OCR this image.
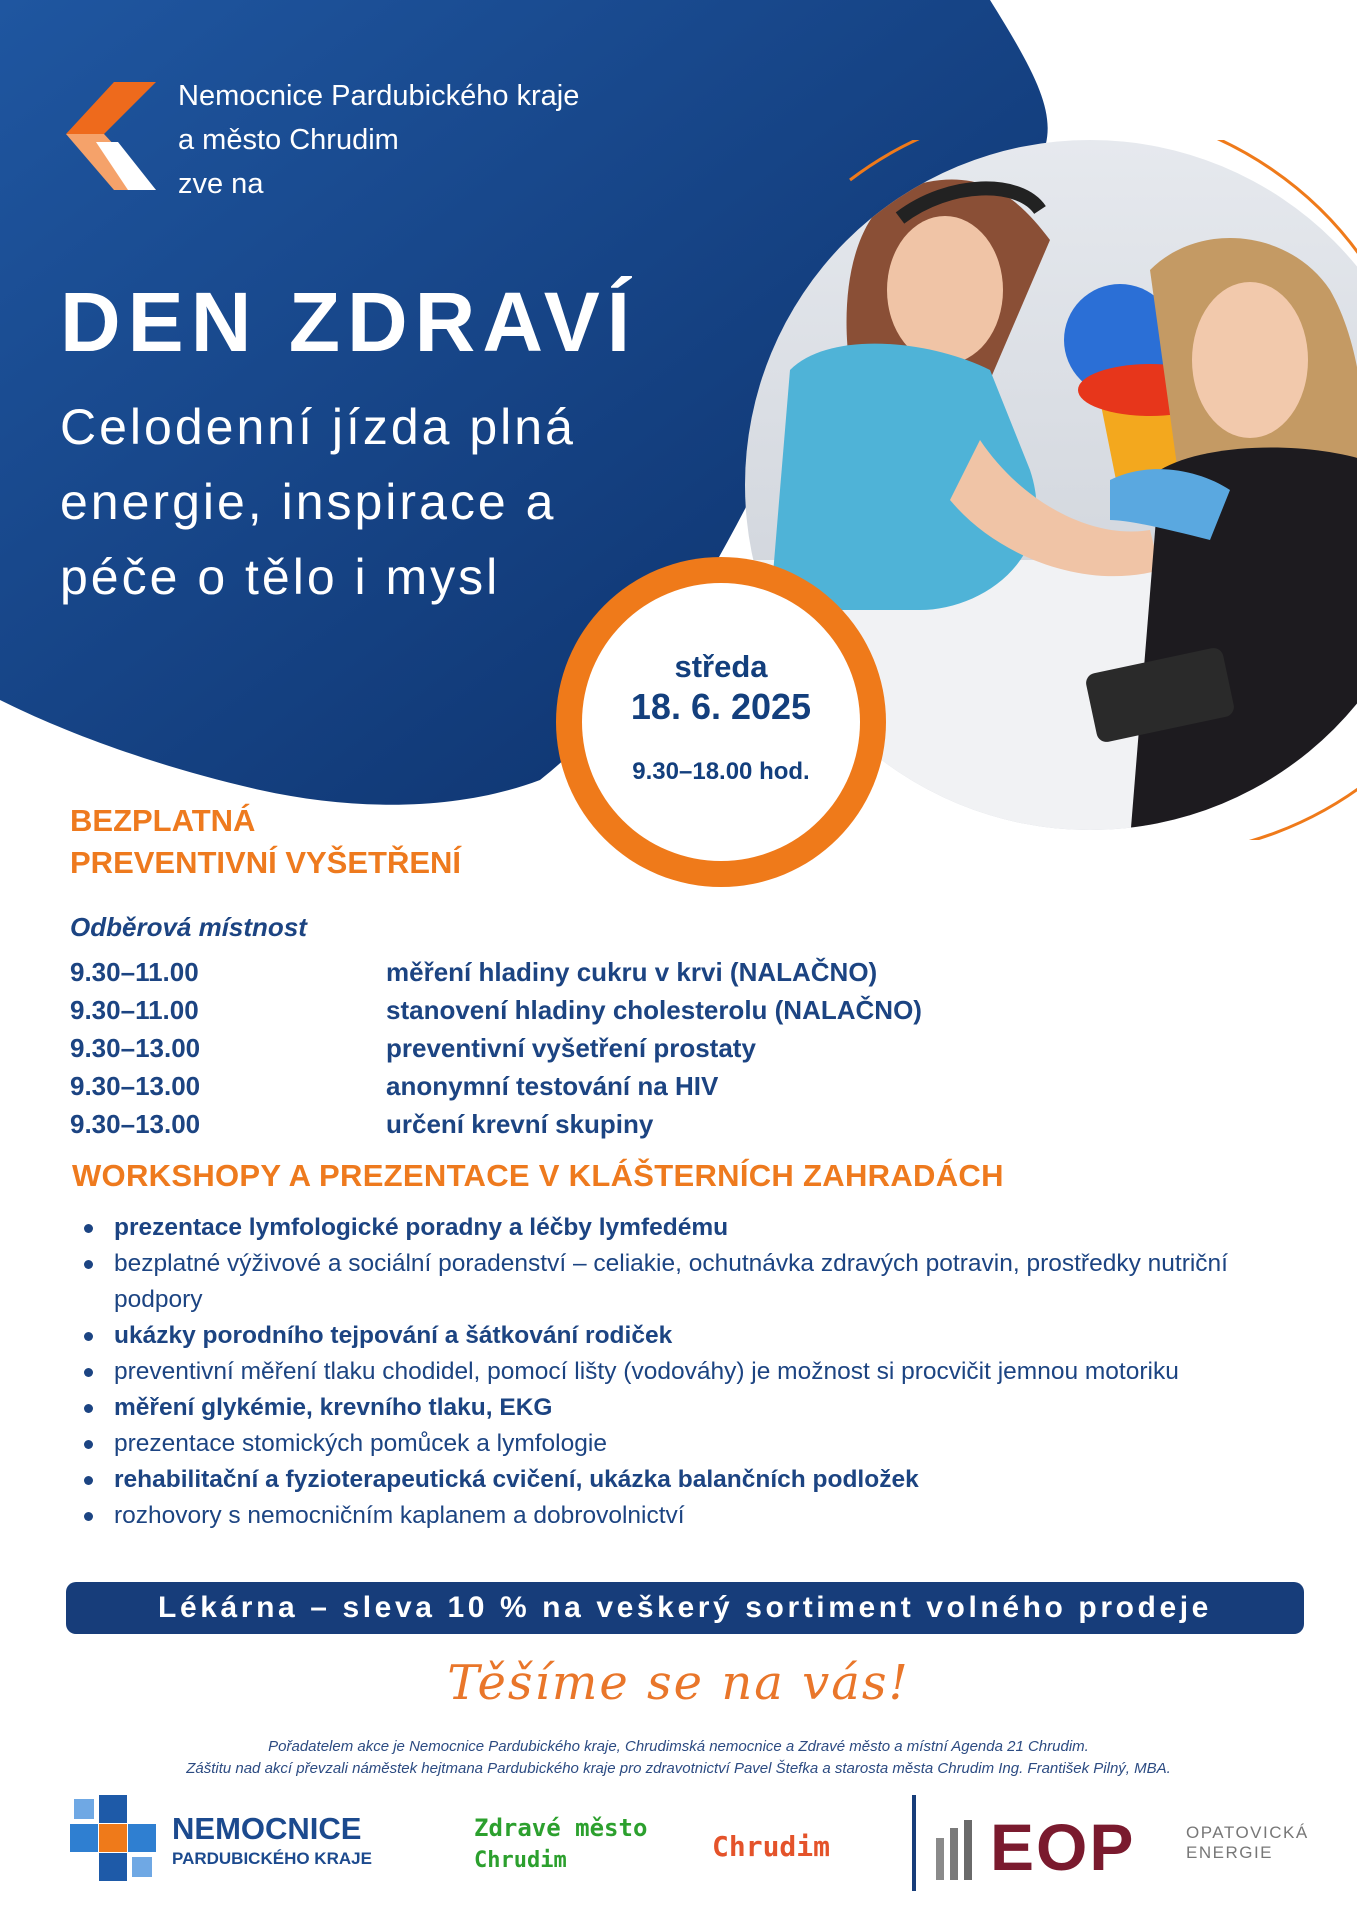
Nemocnice Pardubického kraje
a město Chrudim
zve na
DEN ZDRAVÍ
Celodenní jízda plná
energie, inspirace a
péče o tělo i mysl
středa
18. 6. 2025
9.30–18.00 hod.
BEZPLATNÁ
PREVENTIVNÍ VYŠETŘENÍ
Odběrová místnost
9.30–11.00	měření hladiny cukru v krvi (NALAČNO)
9.30–11.00	stanovení hladiny cholesterolu (NALAČNO)
9.30–13.00	preventivní vyšetření prostaty
9.30–13.00	anonymní testování na HIV
9.30–13.00	určení krevní skupiny
WORKSHOPY A PREZENTACE V KLÁŠTERNÍCH ZAHRADÁCH
prezentace lymfologické poradny a léčby lymfedému
bezplatné výživové a sociální poradenství – celiakie, ochutnávka zdravých potravin, prostředky nutriční podpory
ukázky porodního tejpování a šátkování rodiček
preventivní měření tlaku chodidel, pomocí lišty (vodováhy) je možnost si procvičit jemnou motoriku
měření glykémie, krevního tlaku, EKG
prezentace stomických pomůcek a lymfologie
rehabilitační a fyzioterapeutická cvičení, ukázka balančních podložek
rozhovory s nemocničním kaplanem a dobrovolnictví
Lékárna – sleva 10 % na veškerý sortiment volného prodeje
Těšíme se na vás!
Pořadatelem akce je Nemocnice Pardubického kraje, Chrudimská nemocnice a Zdravé město a místní Agenda 21 Chrudim.
Záštitu nad akcí převzali náměstek hejtmana Pardubického kraje pro zdravotnictví Pavel Štefka a starosta města Chrudim Ing. František Pilný, MBA.
NEMOCNICE
PARDUBICKÉHO KRAJE
Zdravé město
Chrudim	Chrudim EOP	OPATOVICKÁ
ENERGIE
